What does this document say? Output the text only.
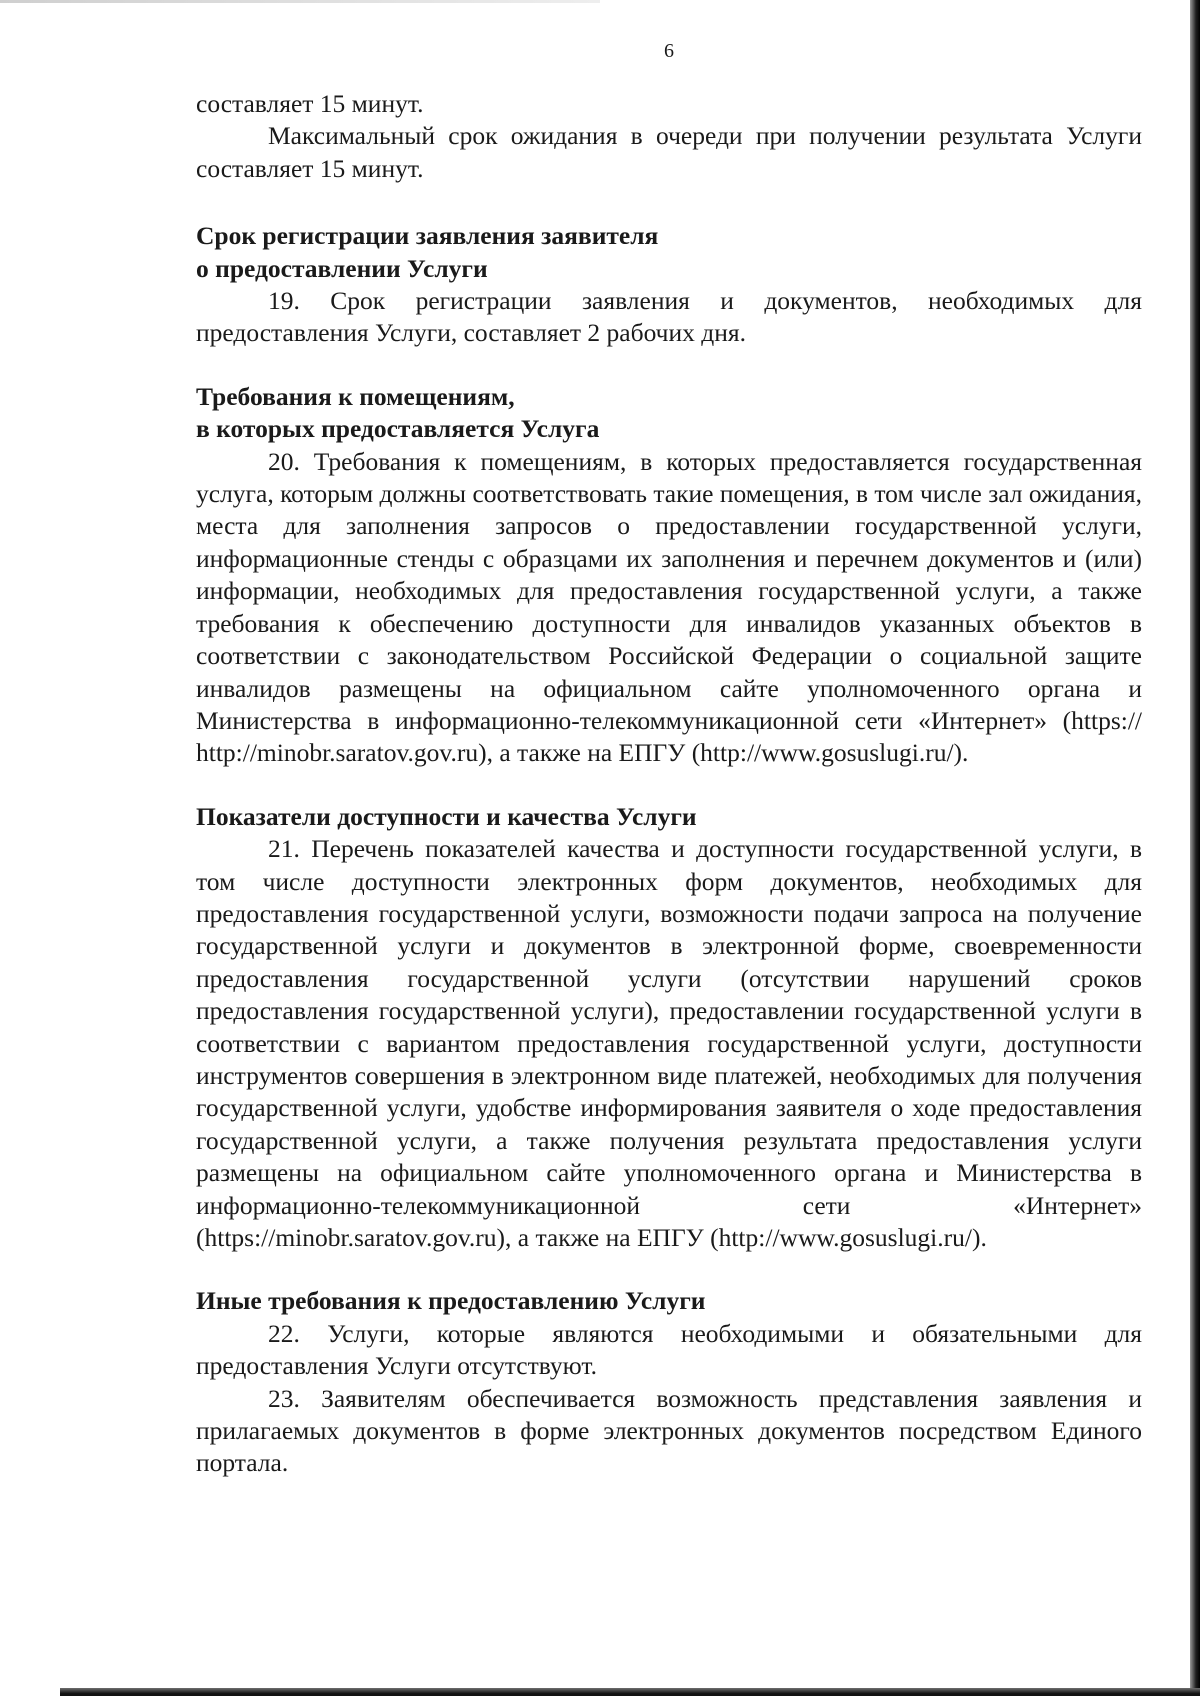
6

составляет 15 минут.

Максимальный срок ожидания в очереди при получении результата Услуги составляет 15 минут.

Срок регистрации заявления заявителя

о предоставлении Услуги

19. Срок регистрации заявления и документов, необходимых для предоставления Услуги, составляет 2 рабочих дня.

Требования к помещениям,

в которых предоставляется Услуга

20. Требования к помещениям, в которых предоставляется государственная услуга, которым должны соответствовать такие помещения, в том числе зал ожидания, места для заполнения запросов о предоставлении государственной услуги, информационные стенды с образцами их заполнения и перечнем документов и (или) информации, необходимых для предоставления государственной услуги, а также требования к обеспечению доступности для инвалидов указанных объектов в соответствии с законодательством Российской Федерации о социальной защите инвалидов размещены на официальном сайте уполномоченного органа и Министерства в информационно-телекоммуникационной сети «Интернет» (https:// http://minobr.saratov.gov.ru), а также на ЕПГУ (http://www.gosuslugi.ru/).

Показатели доступности и качества Услуги

21. Перечень показателей качества и доступности государственной услуги, в том числе доступности электронных форм документов, необходимых для предоставления государственной услуги, возможности подачи запроса на получение государственной услуги и документов в электронной форме, своевременности предоставления государственной услуги (отсутствии нарушений сроков предоставления государственной услуги), предоставлении государственной услуги в соответствии с вариантом предоставления государственной услуги, доступности инструментов совершения в электронном виде платежей, необходимых для получения государственной услуги, удобстве информирования заявителя о ходе предоставления государственной услуги, а также получения результата предоставления услуги размещены на официальном сайте уполномоченного органа и Министерства в информационно-телекоммуникационной сети «Интернет» (https://minobr.saratov.gov.ru), а также на ЕПГУ (http://www.gosuslugi.ru/).

Иные требования к предоставлению Услуги

22. Услуги, которые являются необходимыми и обязательными для предоставления Услуги отсутствуют.

23. Заявителям обеспечивается возможность представления заявления и прилагаемых документов в форме электронных документов посредством Единого портала.
